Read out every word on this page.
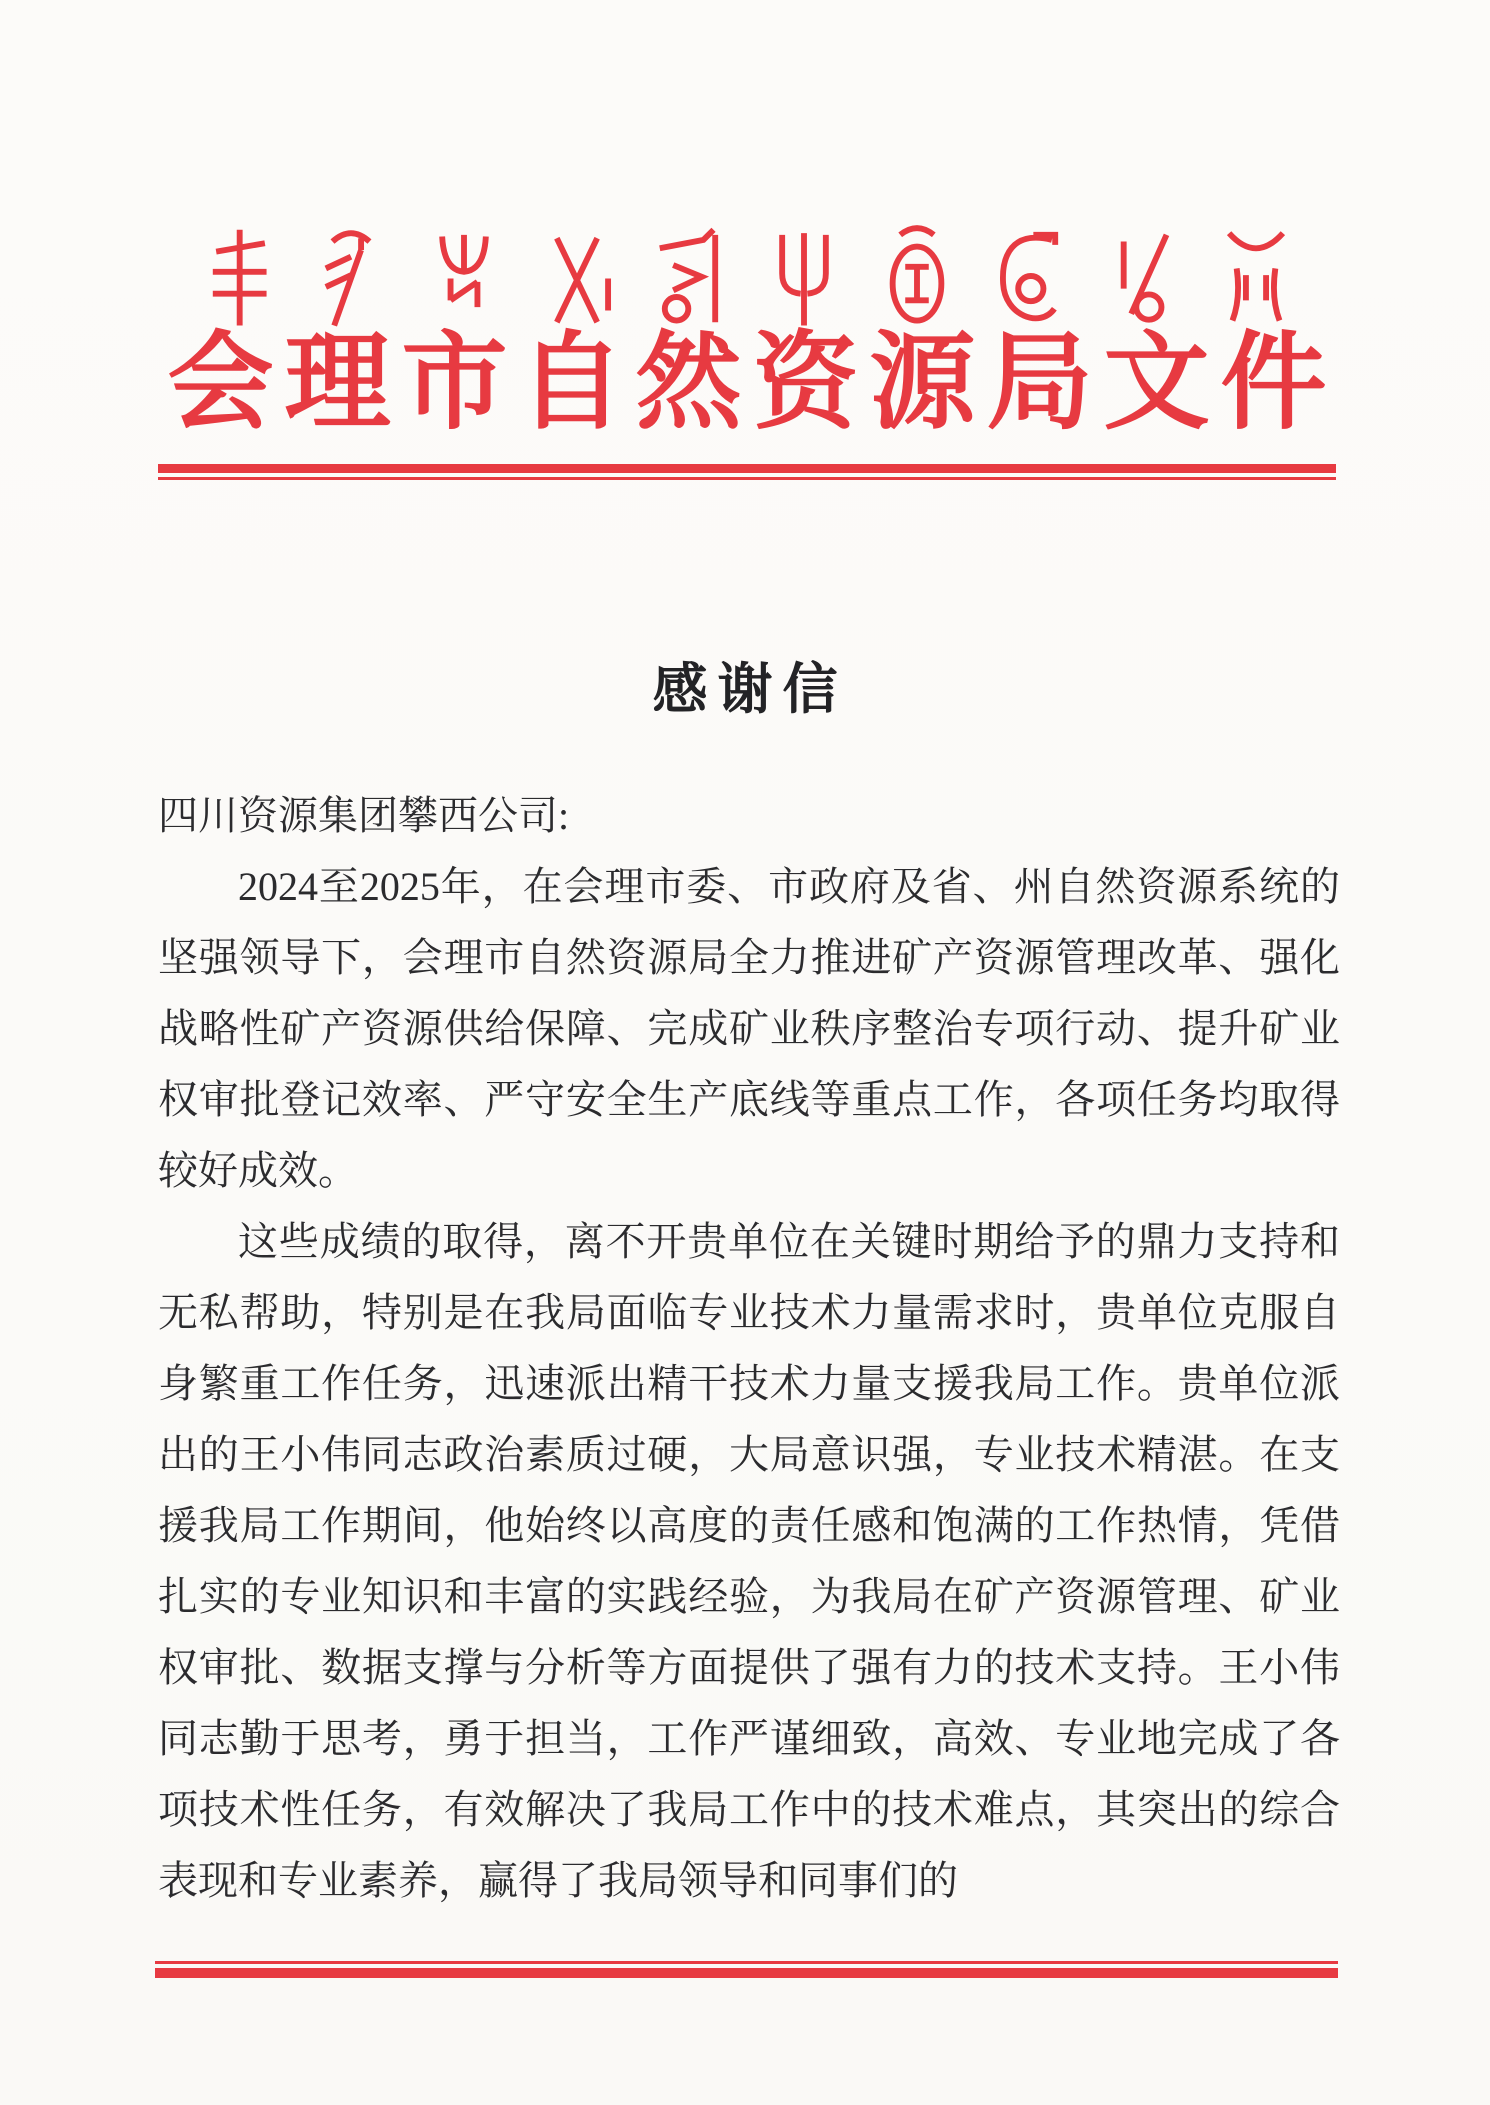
会理市自然资源局文件
感谢信

四川资源集团攀西公司:

2024至2025年，在会理市委、市政府及省、州自然资源系统的坚强领导下，会理市自然资源局全力推进矿产资源管理改革、强化战略性矿产资源供给保障、完成矿业秩序整治专项行动、提升矿业权审批登记效率、严守安全生产底线等重点工作，各项任务均取得较好成效。

这些成绩的取得，离不开贵单位在关键时期给予的鼎力支持和无私帮助，特别是在我局面临专业技术力量需求时，贵单位克服自身繁重工作任务，迅速派出精干技术力量支援我局工作。贵单位派出的王小伟同志政治素质过硬，大局意识强，专业技术精湛。在支援我局工作期间，他始终以高度的责任感和饱满的工作热情，凭借扎实的专业知识和丰富的实践经验，为我局在矿产资源管理、矿业权审批、数据支撑与分析等方面提供了强有力的技术支持。王小伟同志勤于思考，勇于担当，工作严谨细致，高效、专业地完成了各项技术性任务，有效解决了我局工作中的技术难点，其突出的综合表现和专业素养，赢得了我局领导和同事们的
